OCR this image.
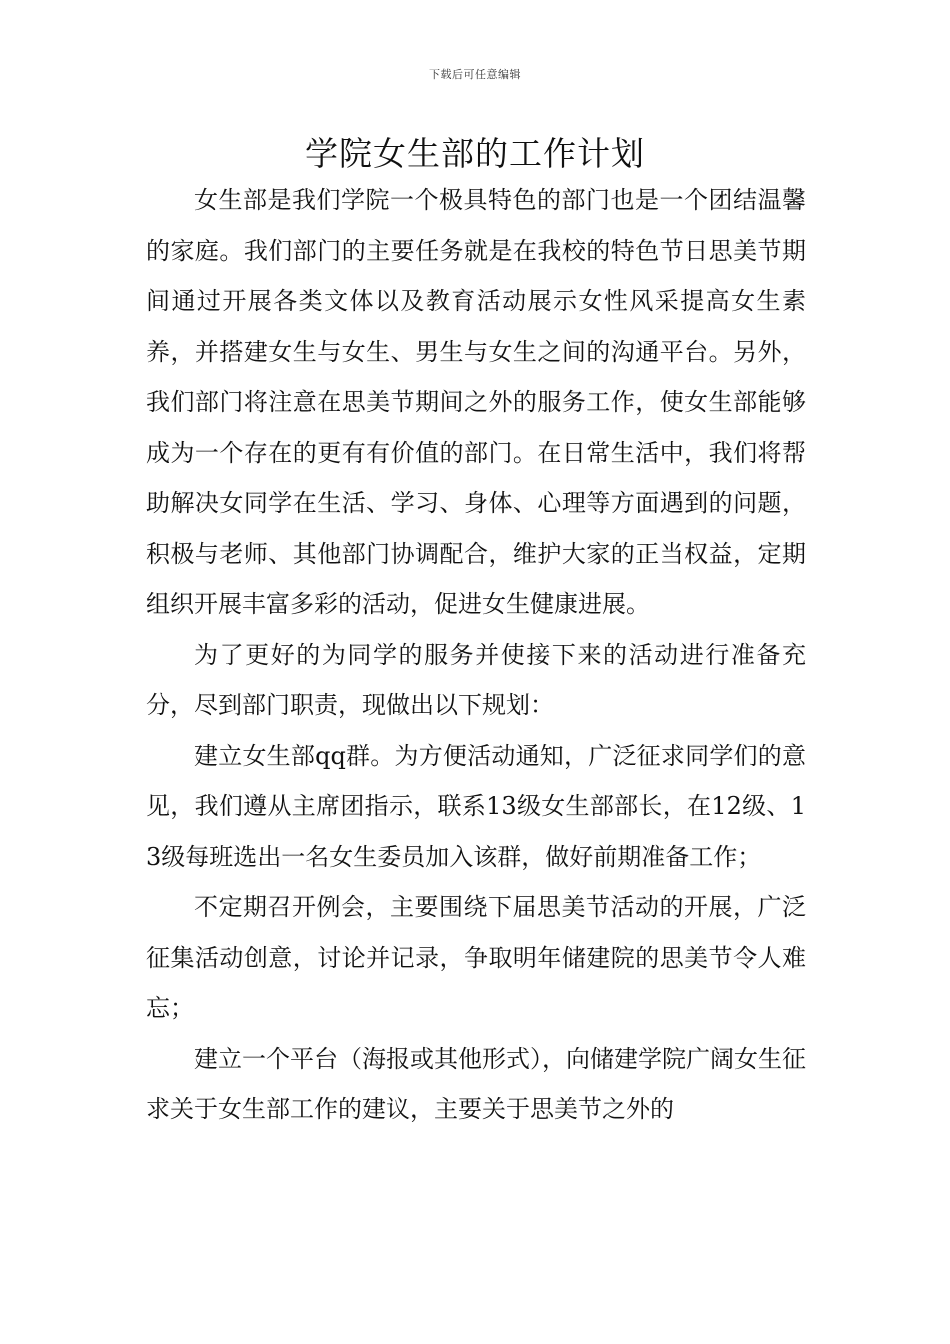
下载后可任意编辑
学院女生部的工作计划

女生部是我们学院一个极具特色的部门也是一个团结温馨的家庭。我们部门的主要任务就是在我校的特色节日思美节期间通过开展各类文体以及教育活动展示女性风采提高女生素养，并搭建女生与女生、男生与女生之间的沟通平台。另外，我们部门将注意在思美节期间之外的服务工作，使女生部能够成为一个存在的更有有价值的部门。在日常生活中，我们将帮助解决女同学在生活、学习、身体、心理等方面遇到的问题，积极与老师、其他部门协调配合，维护大家的正当权益，定期组织开展丰富多彩的活动，促进女生健康进展。

为了更好的为同学的服务并使接下来的活动进行准备充分，尽到部门职责，现做出以下规划：

建立女生部qq群。为方便活动通知，广泛征求同学们的意见，我们遵从主席团指示，联系13级女生部部长，在12级、13级每班选出一名女生委员加入该群，做好前期准备工作；

不定期召开例会，主要围绕下届思美节活动的开展，广泛征集活动创意，讨论并记录，争取明年储建院的思美节令人难忘；

建立一个平台（海报或其他形式），向储建学院广阔女生征求关于女生部工作的建议，主要关于思美节之外的
